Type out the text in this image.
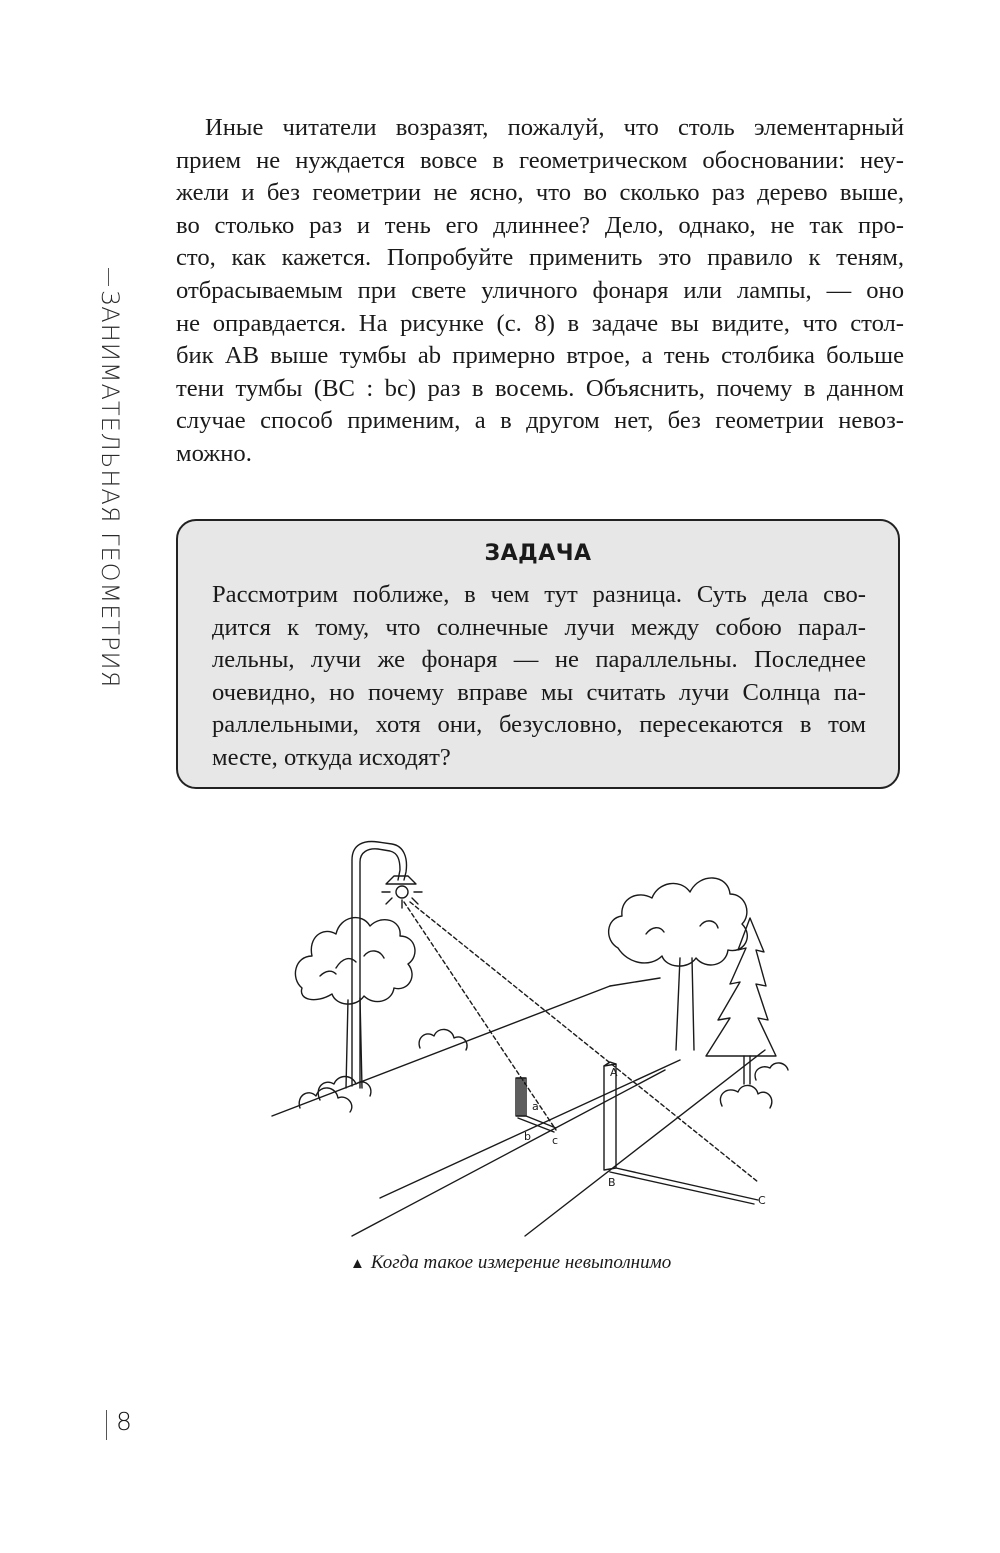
ЗАНИМАТЕЛЬНАЯ ГЕОМЕТРИЯ
Иные читатели возразят, пожалуй, что столь элементарный
прием не нуждается вовсе в геометрическом обосновании: неу-
жели и без геометрии не ясно, что во сколько раз дерево выше,
во столько раз и тень его длиннее? Дело, однако, не так про-
сто, как кажется. Попробуйте применить это правило к теням,
отбрасываемым при свете уличного фонаря или лампы, — оно
не оправдается. На рисунке (с. 8) в задаче вы видите, что стол-
бик AB выше тумбы ab примерно втрое, а тень столбика больше
тени тумбы (BC : bc) раз в восемь. Объяснить, почему в данном
случае способ применим, а в другом нет, без геометрии невоз-
можно.
ЗАДАЧА
Рассмотрим поближе, в чем тут разница. Суть дела сво-
дится к тому, что солнечные лучи между собою парал-
лельны, лучи же фонаря — не параллельны. Последнее
очевидно, но почему вправе мы считать лучи Солнца па-
раллельными, хотя они, безусловно, пересекаются в том
месте, откуда исходят?
A
B
C
a
b c
▲ Когда такое измерение невыполнимо
8
